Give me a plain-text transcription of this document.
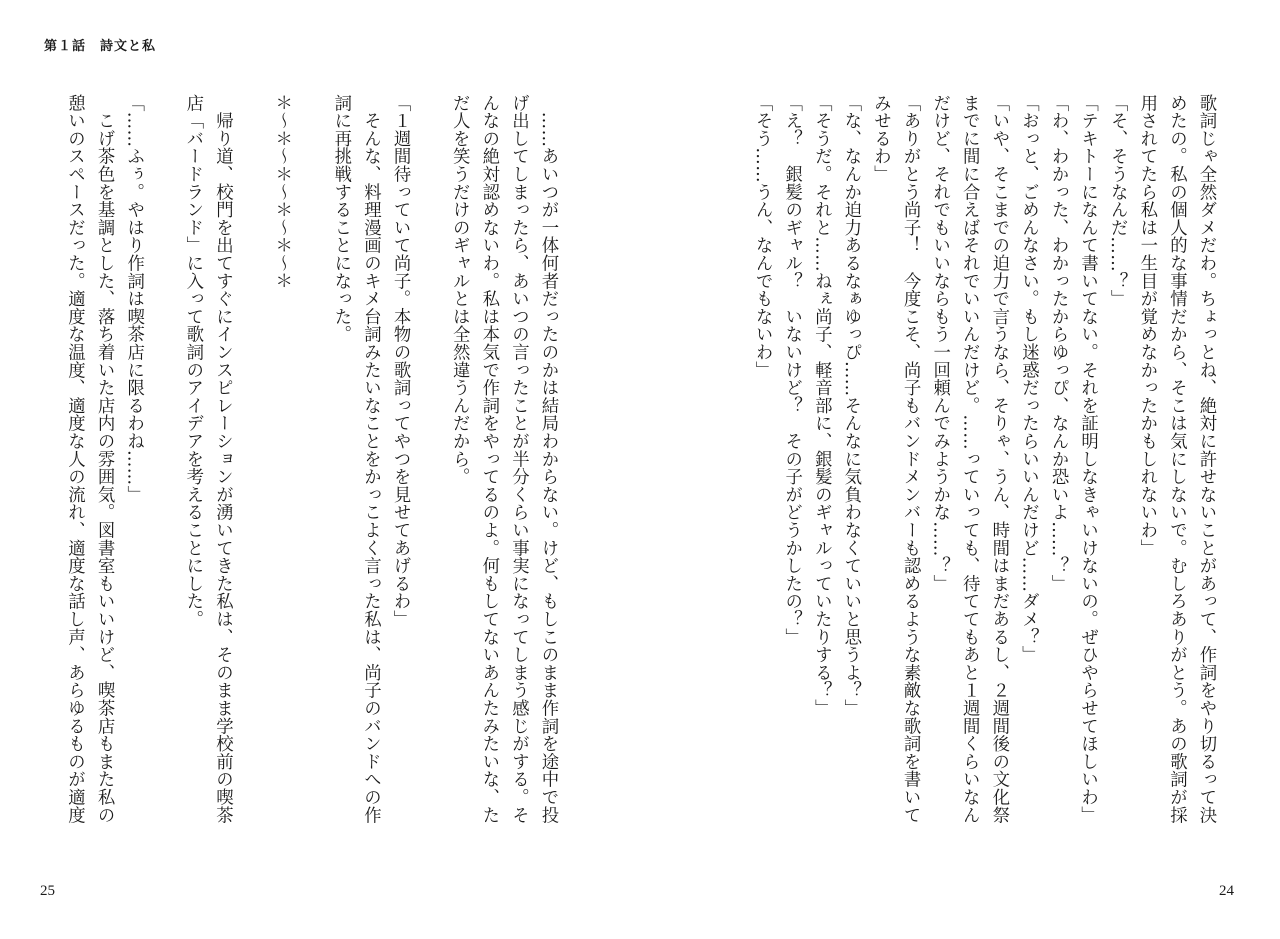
第１話　詩文と私
歌詞じゃ全然ダメだわ。ちょっとね、絶対に許せないことがあって、作詞をやり切るって決
めたの。私の個人的な事情だから、そこは気にしないで。むしろありがとう。あの歌詞が採
用されてたら私は一生目が覚めなかったかもしれないわ」
「そ、そうなんだ……？」
「テキトーになんて書いてない。それを証明しなきゃいけないの。ぜひやらせてほしいわ」
「わ、わかった、わかったからゆっぴ、なんか恐いよ……？」
「おっと、ごめんなさい。もし迷惑だったらいいんだけど……ダメ？」
「いや、そこまでの迫力で言うなら、そりゃ、うん、時間はまだあるし、２週間後の文化祭
までに間に合えばそれでいいんだけど。……っていっても、待ててもあと１週間くらいなん
だけど、それでもいいならもう一回頼んでみようかな……？」
「ありがとう尚子！　今度こそ、尚子もバンドメンバーも認めるような素敵な歌詞を書いて
みせるわ」
「な、なんか迫力あるなぁゆっぴ……そんなに気負わなくていいと思うよ？」
「そうだ。それと……ねぇ尚子、軽音部に、銀髪のギャルっていたりする？」
「え？　銀髪のギャル？　いないけど？　その子がどうかしたの？」
「そう……うん、なんでもないわ」
　……あいつが一体何者だったのかは結局わからない。けど、もしこのまま作詞を途中で投
げ出してしまったら、あいつの言ったことが半分くらい事実になってしまう感じがする。そ
んなの絶対認めないわ。私は本気で作詞をやってるのよ。何もしてないあんたみたいな、た
だ人を笑うだけのギャルとは全然違うんだから。

「１週間待っていて尚子。本物の歌詞ってやつを見せてあげるわ」
　そんな、料理漫画のキメ台詞みたいなことをかっこよく言った私は、尚子のバンドへの作
詞に再挑戦することになった。

＊～＊～＊～＊～＊～＊

　帰り道、校門を出てすぐにインスピレーションが湧いてきた私は、そのまま学校前の喫茶
店「バードランド」に入って歌詞のアイデアを考えることにした。

「……ふぅ。やはり作詞は喫茶店に限るわね……」
　こげ茶色を基調とした、落ち着いた店内の雰囲気。図書室もいいけど、喫茶店もまた私の
憩いのスペースだった。適度な温度、適度な人の流れ、適度な話し声、あらゆるものが適度
25	24
